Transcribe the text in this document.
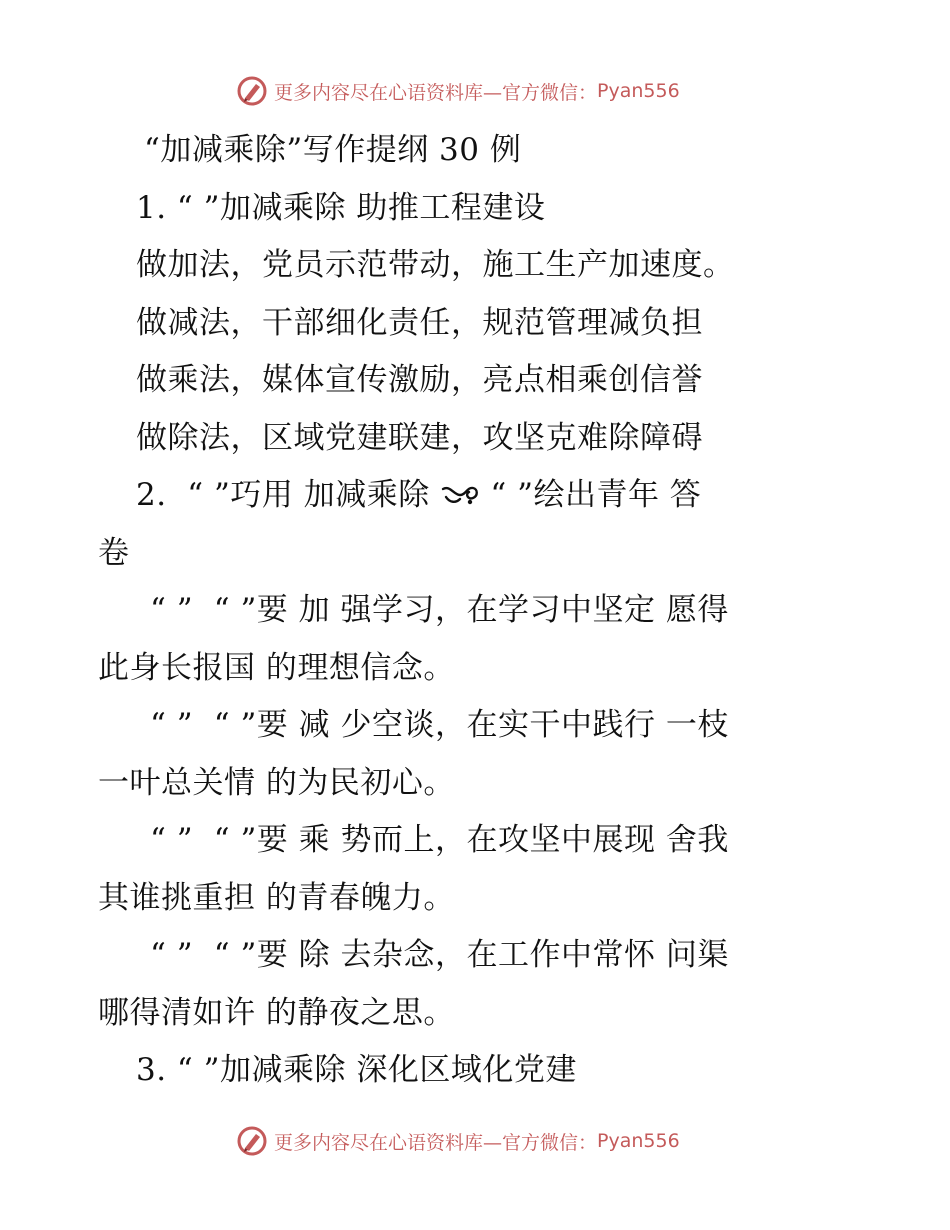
更多内容尽在心语资料库—官方微信： Pyan556
“加减乘除”写作提纲 30 例
1. “ ”加减乘除 助推工程建设
做加法，党员示范带动，施工生产加速度。
做减法，干部细化责任，规范管理减负担
做乘法，媒体宣传激励，亮点相乘创信誉
做除法，区域党建联建，攻坚克难除障碍
2.  “ ”巧用 加减乘除  “ ”绘出青年 答
卷
“ ”  “ ”要 加 强学习，在学习中坚定 愿得
此身长报国 的理想信念。
“ ”  “ ”要 减 少空谈，在实干中践行 一枝
一叶总关情 的为民初心。
“ ”  “ ”要 乘 势而上，在攻坚中展现 舍我
其谁挑重担 的青春魄力。
“ ”  “ ”要 除 去杂念，在工作中常怀 问渠
哪得清如许 的静夜之思。
3. “ ”加减乘除 深化区域化党建
更多内容尽在心语资料库—官方微信： Pyan556
